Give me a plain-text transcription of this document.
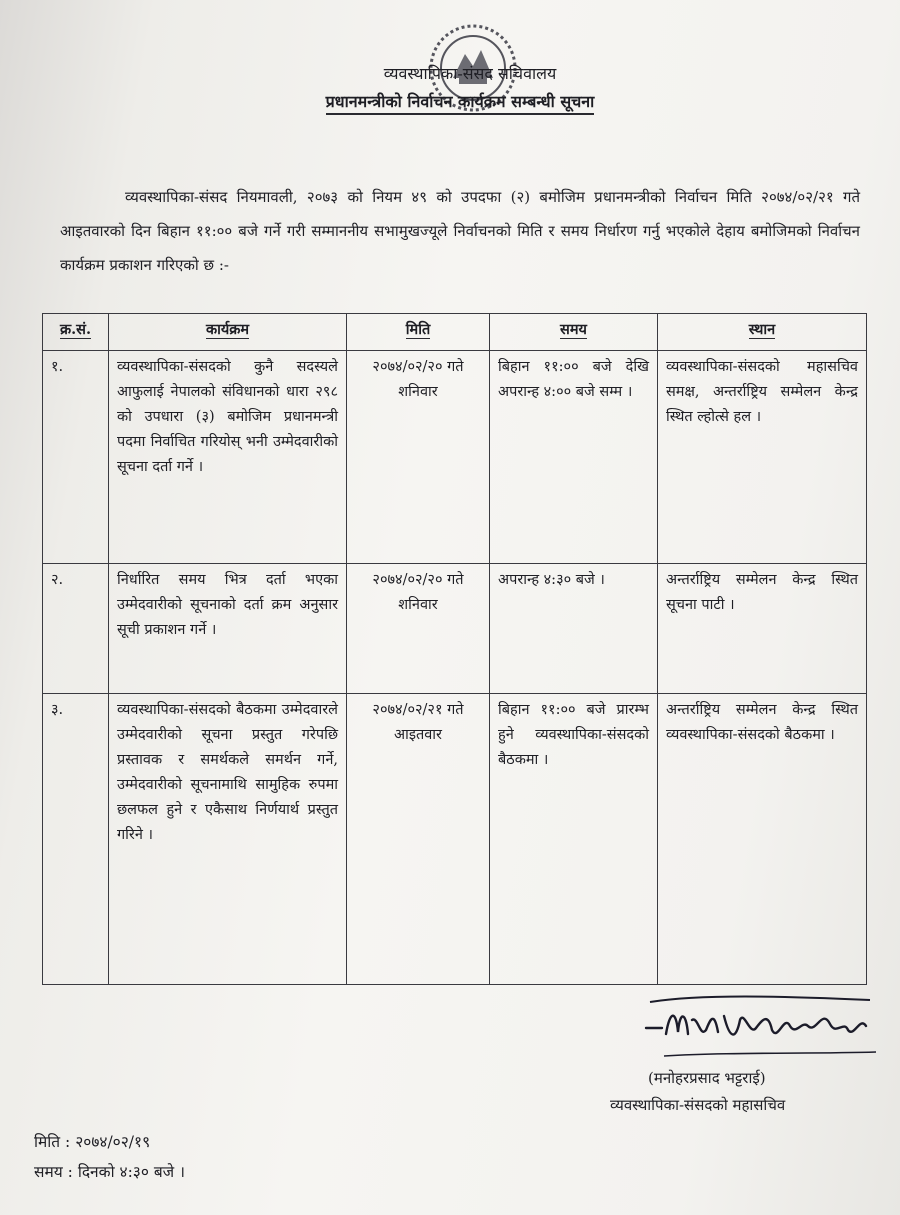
व्यवस्थापिका-संसद सचिवालय
प्रधानमन्त्रीको निर्वाचन कार्यक्रम सम्बन्धी सूचना

व्यवस्थापिका-संसद नियमावली, २०७३ को नियम ४९ को उपदफा (२) बमोजिम प्रधानमन्त्रीको निर्वाचन मिति २०७४/०२/२१ गते आइतवारको दिन बिहान ११:०० बजे गर्ने गरी सम्माननीय सभामुखज्यूले निर्वाचनको मिति र समय निर्धारण गर्नु भएकोले देहाय बमोजिमको निर्वाचन कार्यक्रम प्रकाशन गरिएको छ :-

क्र.सं.	कार्यक्रम	मिति	समय	स्थान
१.	व्यवस्थापिका-संसदको कुनै सदस्यले आफुलाई नेपालको संविधानको धारा २९८ को उपधारा (३) बमोजिम प्रधानमन्त्री पदमा निर्वाचित गरियोस् भनी उम्मेदवारीको सूचना दर्ता गर्ने ।	२०७४/०२/२० गते शनिवार	बिहान ११:०० बजे देखि अपरान्ह ४:०० बजे सम्म ।	व्यवस्थापिका-संसदको महासचिव समक्ष, अन्तर्राष्ट्रिय सम्मेलन केन्द्र स्थित ल्होत्से हल ।
२.	निर्धारित समय भित्र दर्ता भएका उम्मेदवारीको सूचनाको दर्ता क्रम अनुसार सूची प्रकाशन गर्ने ।	२०७४/०२/२० गते शनिवार	अपरान्ह ४:३० बजे ।	अन्तर्राष्ट्रिय सम्मेलन केन्द्र स्थित सूचना पाटी ।
३.	व्यवस्थापिका-संसदको बैठकमा उम्मेदवारले उम्मेदवारीको सूचना प्रस्तुत गरेपछि प्रस्तावक र समर्थकले समर्थन गर्ने, उम्मेदवारीको सूचनामाथि सामुहिक रुपमा छलफल हुने र एकैसाथ निर्णयार्थ प्रस्तुत गरिने ।	२०७४/०२/२१ गते आइतवार	बिहान ११:०० बजे प्रारम्भ हुने व्यवस्थापिका-संसदको बैठकमा ।	अन्तर्राष्ट्रिय सम्मेलन केन्द्र स्थित व्यवस्थापिका-संसदको बैठकमा ।
(मनोहरप्रसाद भट्टराई)
व्यवस्थापिका-संसदको महासचिव
मिति : २०७४/०२/१९
समय : दिनको ४:३० बजे ।
